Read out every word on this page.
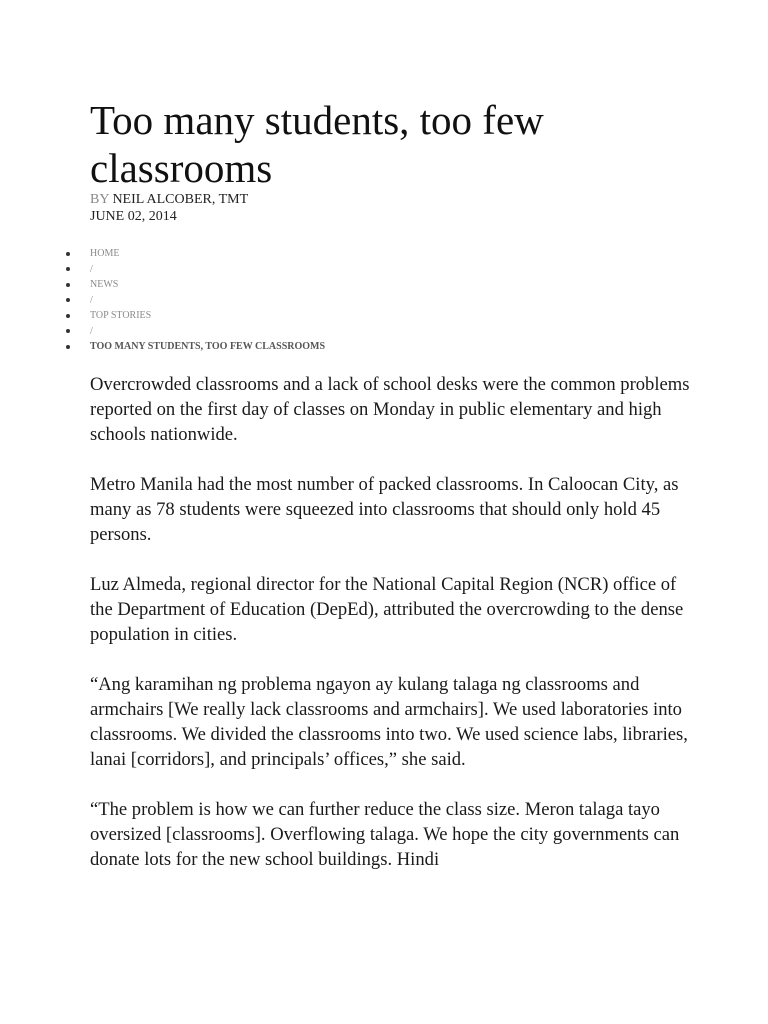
Too many students, too few classrooms
BY NEIL ALCOBER, TMT
JUNE 02, 2014
HOME
/
NEWS
/
TOP STORIES
/
TOO MANY STUDENTS, TOO FEW CLASSROOMS

Overcrowded classrooms and a lack of school desks were the common problems reported on the first day of classes on Monday in public elementary and high schools nationwide.

Metro Manila had the most number of packed classrooms. In Caloocan City, as many as 78 students were squeezed into classrooms that should only hold 45 persons.

Luz Almeda, regional director for the National Capital Region (NCR) office of the Department of Education (DepEd), attributed the overcrowding to the dense population in cities.

“Ang karamihan ng problema ngayon ay kulang talaga ng classrooms and armchairs [We really lack classrooms and armchairs]. We used laboratories into classrooms. We divided the classrooms into two. We used science labs, libraries, lanai [corridors], and principals’ offices,” she said.

“The problem is how we can further reduce the class size. Meron talaga tayo oversized [classrooms]. Overflowing talaga. We hope the city governments can donate lots for the new school buildings. Hindi
